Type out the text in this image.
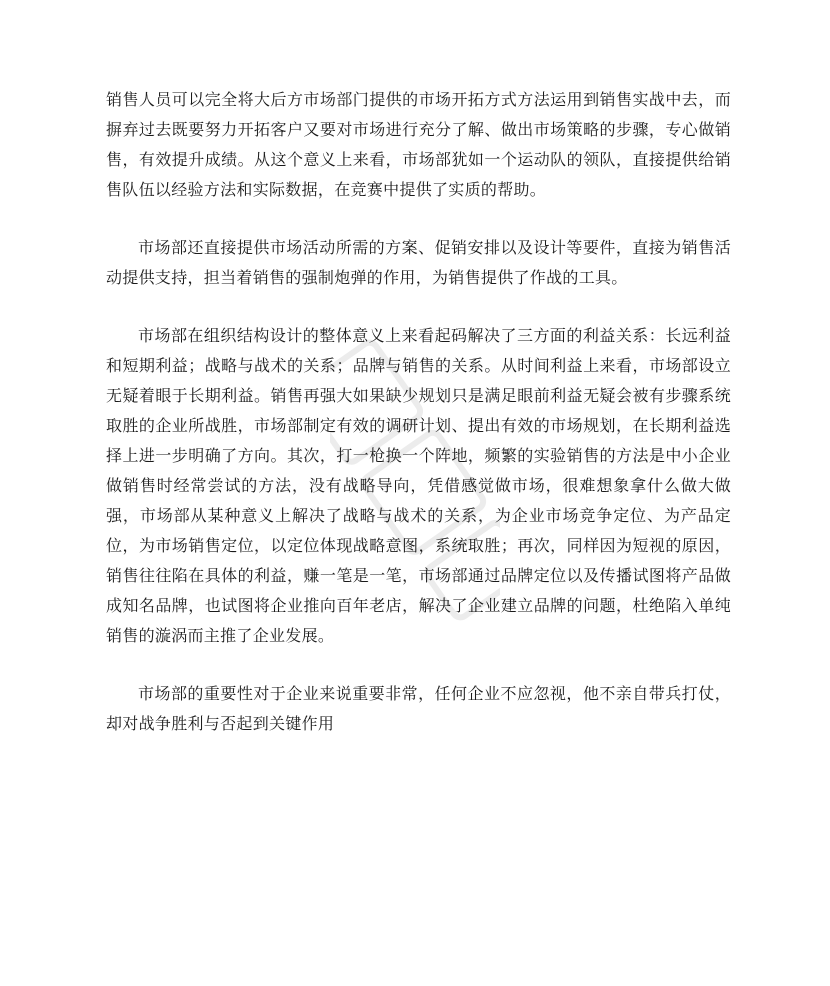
销售人员可以完全将大后方市场部门提供的市场开拓方式方法运用到销售实战中去，而摒弃过去既要努力开拓客户又要对市场进行充分了解、做出市场策略的步骤，专心做销售，有效提升成绩。从这个意义上来看，市场部犹如一个运动队的领队，直接提供给销售队伍以经验方法和实际数据，在竞赛中提供了实质的帮助。

市场部还直接提供市场活动所需的方案、促销安排以及设计等要件，直接为销售活动提供支持，担当着销售的强制炮弹的作用，为销售提供了作战的工具。

市场部在组织结构设计的整体意义上来看起码解决了三方面的利益关系：长远利益和短期利益；战略与战术的关系；品牌与销售的关系。从时间利益上来看，市场部设立无疑着眼于长期利益。销售再强大如果缺少规划只是满足眼前利益无疑会被有步骤系统取胜的企业所战胜，市场部制定有效的调研计划、提出有效的市场规划，在长期利益选择上进一步明确了方向。其次，打一枪换一个阵地，频繁的实验销售的方法是中小企业做销售时经常尝试的方法，没有战略导向，凭借感觉做市场，很难想象拿什么做大做强，市场部从某种意义上解决了战略与战术的关系，为企业市场竞争定位、为产品定位，为市场销售定位，以定位体现战略意图，系统取胜；再次，同样因为短视的原因，销售往往陷在具体的利益，赚一笔是一笔，市场部通过品牌定位以及传播试图将产品做成知名品牌，也试图将企业推向百年老店，解决了企业建立品牌的问题，杜绝陷入单纯销售的漩涡而主推了企业发展。

市场部的重要性对于企业来说重要非常，任何企业不应忽视，他不亲自带兵打仗，却对战争胜利与否起到关键作用
